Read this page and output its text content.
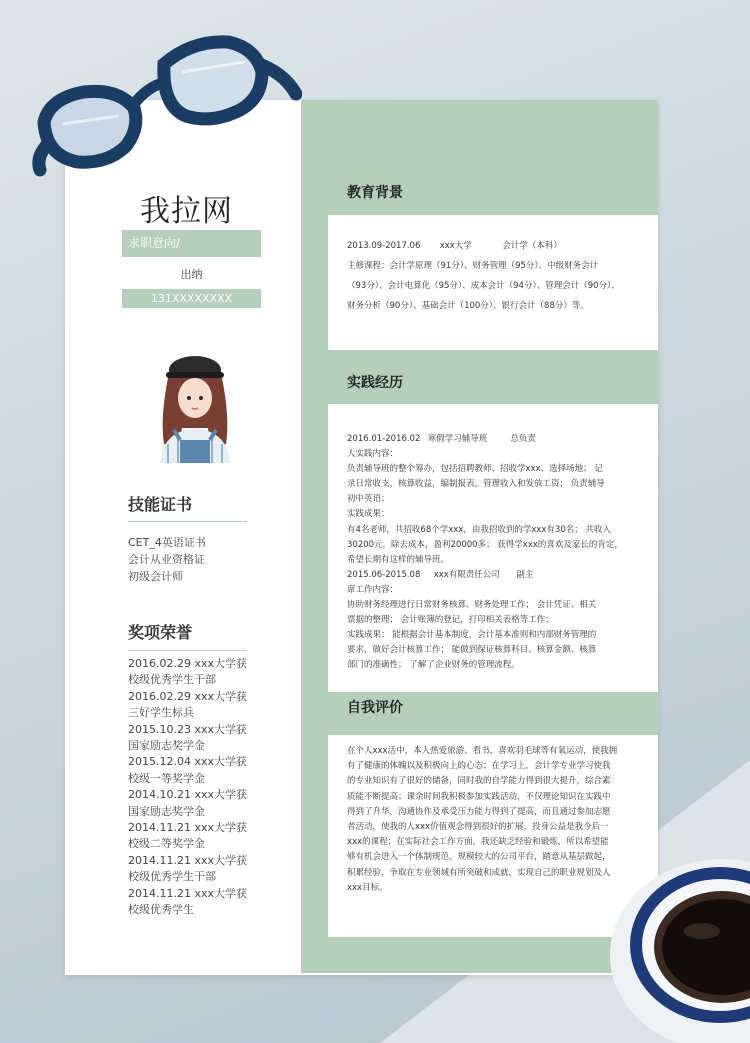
我拉网
求职意向/
出纳
131XXXXXXXX
技能证书
CET_4英语证书
会计从业资格证
初级会计师
奖项荣誉
2016.02.29 xxx大学获
校级优秀学生干部
2016.02.29 xxx大学获
三好学生标兵
2015.10.23 xxx大学获
国家励志奖学金
2015.12.04 xxx大学获
校级一等奖学金
2014.10.21 xxx大学获
国家励志奖学金
2014.11.21 xxx大学获
校级二等奖学金
2014.11.21 xxx大学获
校级优秀学生干部
2014.11.21 xxx大学获
校级优秀学生
教育背景
2013.09-2017.06 xxx大学	会计学（本科）

主修课程：会计学原理（91分）、财务管理（95分）、中级财务会计

（93分）、会计电算化（95分）、成本会计（94分）、管理会计（90分）、

财务分析（90分）、基础会计（100分）、银行会计（88分）等。

实践经历
2016.01-2016.02 寒假学习辅导班	总负责

人实践内容：

负责辅导班的整个筹办，包括招聘教师、招收学xxx、选择场地； 记

录日常收支，核算收益，编制报表，管理收入和发放工资； 负责辅导

初中英语；

实践成果：

有4名老师，共招收68个学xxx，由我招收到的学xxx有30名； 共收入

30200元，除去成本，盈利20000多； 获得学xxx的喜欢及家长的肯定，

希望长期有这样的辅导班。

2015.06-2015.08 xxx有限责任公司 副主

席工作内容：

协助财务经理进行日常财务核算、财务处理工作； 会计凭证、相关

票据的整理； 会计账簿的登记，打印相关表格等工作；

实践成果： 能根据会计基本制度，会计基本准则和内部财务管理的

要求，做好会计核算工作； 能做到保证核算科目、核算金额、核算

部门的准确性； 了解了企业财务的管理流程。

自我评价

在个人xxx活中，本人热爱旅游、看书，喜欢羽毛球等有氧运动，使我拥

有了健康的体魄以及积极向上的心态；在学习上，会计学专业学习使我

的专业知识有了很好的储备，同时我的自学能力得到很大提升，综合素

质能不断提高；课余时间我积极参加实践活动，不仅理论知识在实践中

得到了升华，沟通协作及承受压力能力得到了提高，而且通过参加志愿

者活动，使我的人xxx价值观念得到很好的扩展，投身公益是我今后一

xxx的课程；在实际社会工作方面，我还缺乏经验和锻炼，所以希望能

够有机会进入一个体制规范、规模较大的公司平台，踏意从基层做起，

积累经验，争取在专业领域有所突破和成就，实现自己的职业规划及人

xxx目标。
